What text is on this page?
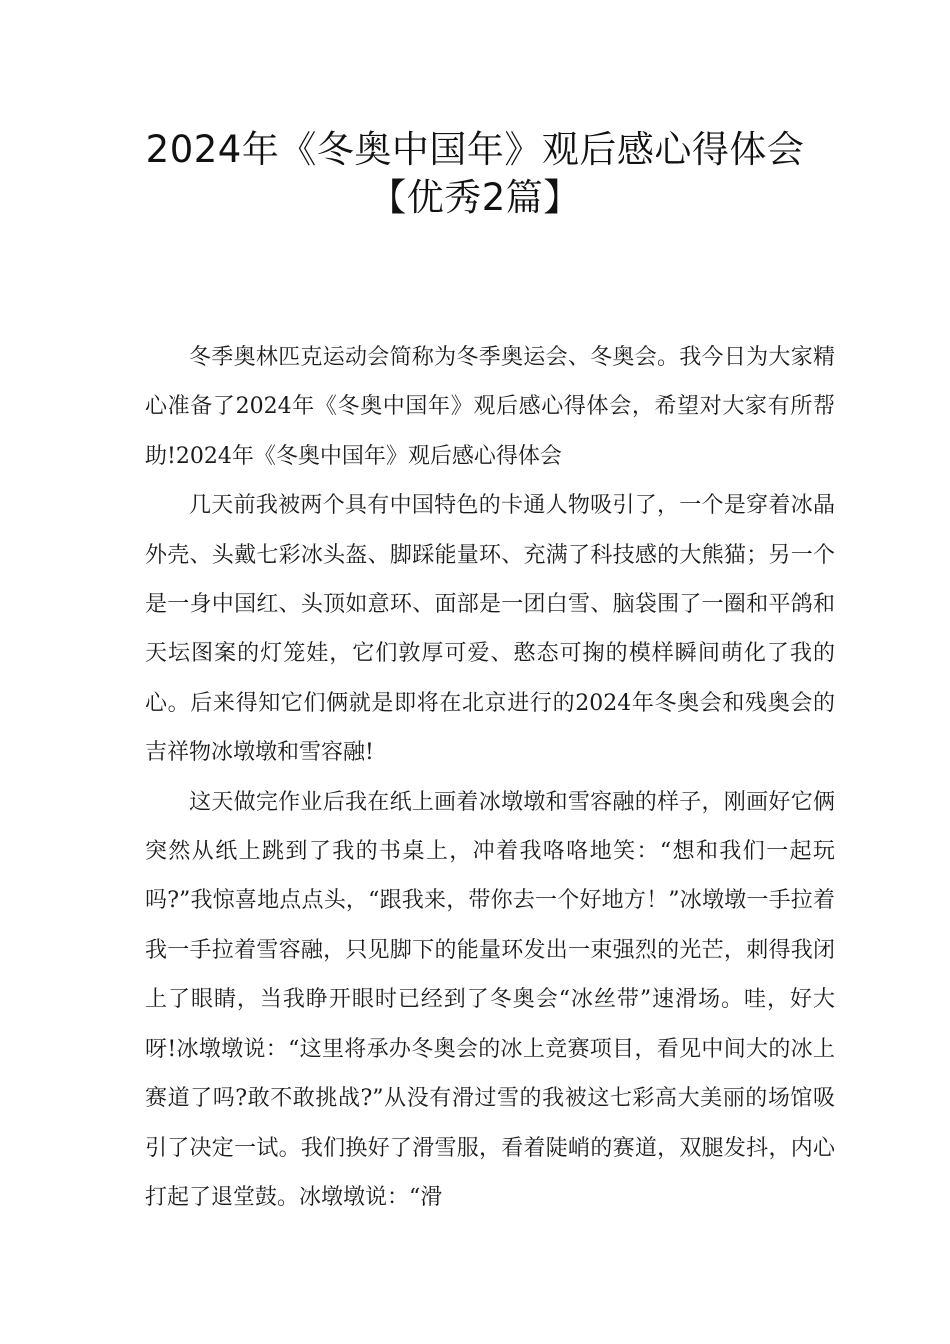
2024年《冬奥中国年》观后感心得体会
【优秀2篇】

冬季奥林匹克运动会简称为冬季奥运会、冬奥会。我今日为大家精心准备了2024年《冬奥中国年》观后感心得体会，希望对大家有所帮助!2024年《冬奥中国年》观后感心得体会

几天前我被两个具有中国特色的卡通人物吸引了，一个是穿着冰晶外壳、头戴七彩冰头盔、脚踩能量环、充满了科技感的大熊猫；另一个是一身中国红、头顶如意环、面部是一团白雪、脑袋围了一圈和平鸽和天坛图案的灯笼娃，它们敦厚可爱、憨态可掬的模样瞬间萌化了我的心。后来得知它们俩就是即将在北京进行的2024年冬奥会和残奥会的吉祥物冰墩墩和雪容融!

这天做完作业后我在纸上画着冰墩墩和雪容融的样子，刚画好它俩突然从纸上跳到了我的书桌上，冲着我咯咯地笑：“想和我们一起玩吗?”我惊喜地点点头，“跟我来，带你去一个好地方！”冰墩墩一手拉着我一手拉着雪容融，只见脚下的能量环发出一束强烈的光芒，刺得我闭上了眼睛，当我睁开眼时已经到了冬奥会“冰丝带”速滑场。哇，好大呀!冰墩墩说：“这里将承办冬奥会的冰上竞赛项目，看见中间大的冰上赛道了吗?敢不敢挑战?”从没有滑过雪的我被这七彩高大美丽的场馆吸引了决定一试。我们换好了滑雪服，看着陡峭的赛道，双腿发抖，内心打起了退堂鼓。冰墩墩说：“滑
